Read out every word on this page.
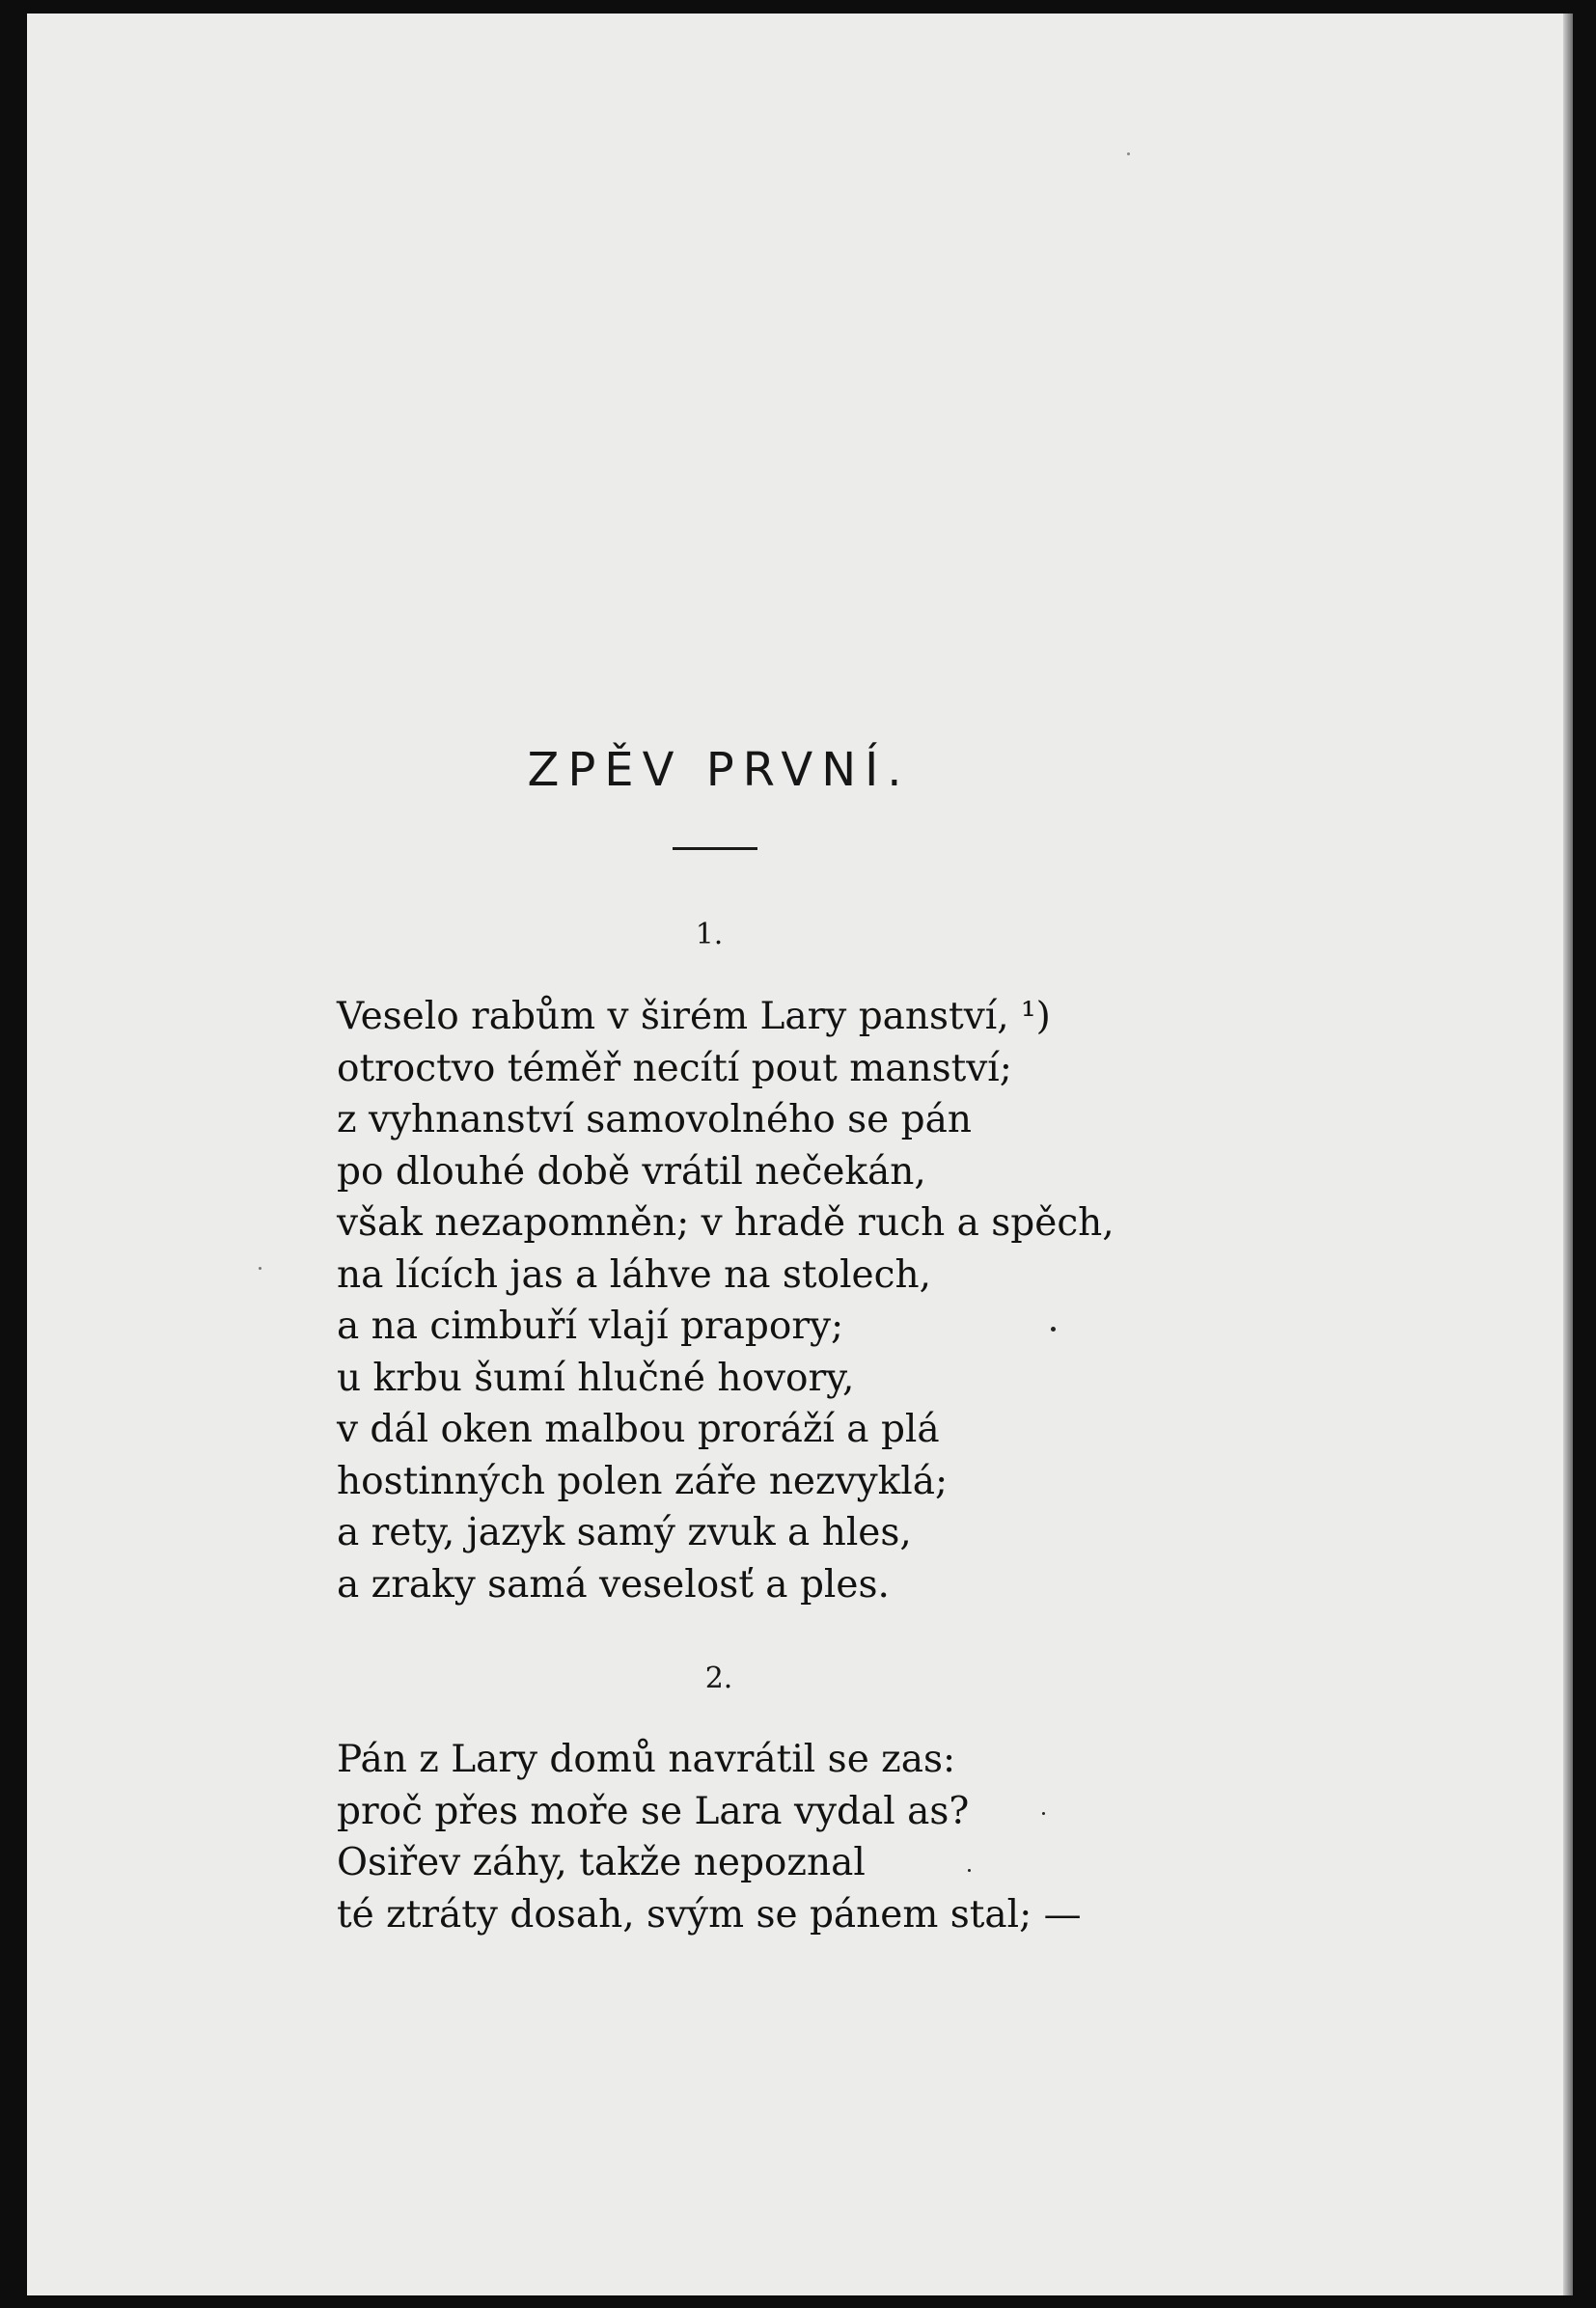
ZPĚV PRVNÍ.
1.
Veselo rabům v širém Lary panství, ¹)
otroctvo téměř necítí pout manství;
z vyhnanství samovolného se pán
po dlouhé době vrátil nečekán,
však nezapomněn; v hradě ruch a spěch,
na lících jas a láhve na stolech,
a na cimbuří vlají prapory;
u krbu šumí hlučné hovory,
v dál oken malbou proráží a plá
hostinných polen záře nezvyklá;
a rety, jazyk samý zvuk a hles,
a zraky samá veselosť a ples.
2.
Pán z Lary domů navrátil se zas:
proč přes moře se Lara vydal as?
Osiřev záhy, takže nepoznal
té ztráty dosah, svým se pánem stal; —
